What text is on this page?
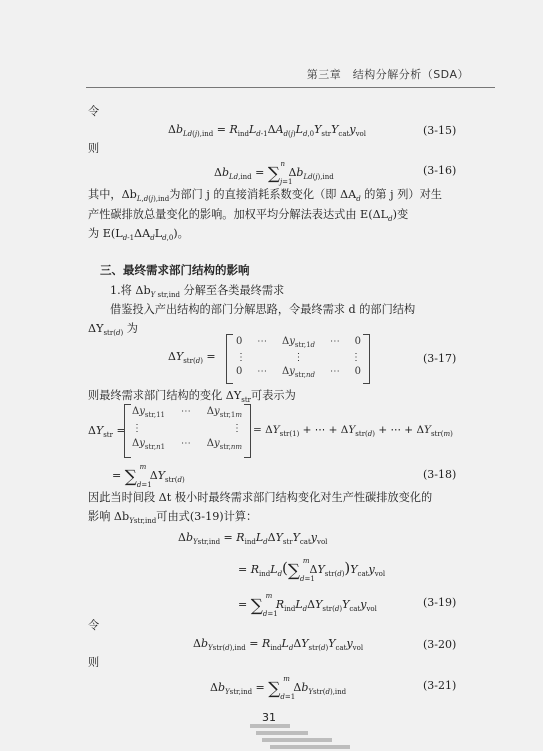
第三章　结构分解分析（SDA）
令
$\Delta b_{Ld(j),ind} = R_{ind}L_{d-1}\Delta A_{d(j)}L_{d,0}Y_{str}Y_{cat}y_{vol}$	(3-15)
则
$\Delta b_{Ld,ind} = \sum_{j=1}^n$ $\Delta b_{Ld(j),ind}$
(3-16)
其中，$\Delta b_{L,d(j),ind}$为部门 j 的直接消耗系数变化（即 $\Delta A_d$ 的第 j 列）对生
产性碳排放总量变化的影响。加权平均分解法表达式由 $E(\Delta L_d)$变
为 $E(L_{d-1}\Delta A_dL_{d,0})$。
三、最终需求部门结构的影响
1.将 $\Delta b_{Y str,ind}$ 分解至各类最终需求
借鉴投入产出结构的部门分解思路，令最终需求 d 的部门结构
$\Delta Y_{str(d)}$ 为
$\Delta Y_{str(d)}$ =
0 ⋯ $\Delta y_{str,1d}$ ⋯ 0
⋮	⋮	⋮
0 ⋯ $\Delta y_{str,nd}$ ⋯ 0
(3-17)
则最终需求部门结构的变化 $\Delta Y_{str}$可表示为
$\Delta Y_{str}$ =
$\Delta y_{str,11}$ ⋯ $\Delta y_{str,1m}$
⋮	⋮
$\Delta y_{str,n1}$ ⋯ $\Delta y_{str,nm}$
= $\Delta Y_{str(1)}$ + ⋯ + $\Delta Y_{str(d)}$ + ⋯ + $\Delta Y_{str(m)}$
= $\sum_{d=1}^m$ $\Delta Y_{str(d)}$	(3-18)
因此当时间段 Δt 极小时最终需求部门结构变化对生产性碳排放变化的
影响 $\Delta b_{Ystr,ind}$可由式(3-19)计算：
$\Delta b_{Ystr,ind} = R_{ind}L_d\Delta Y_{str}Y_{cat}y_{vol}$
= $R_{ind}L_d(\sum_{d=1}^m\Delta Y_{str(d)})Y_{cat}y_{vol}$
= $\sum_{d=1}^m$ $R_{ind}L_d\Delta Y_{str(d)}Y_{cat}y_{vol}$
(3-19)
令
$\Delta b_{Ystr(d),ind} = R_{ind}L_d\Delta Y_{str(d)}Y_{cat}y_{vol}$	(3-20)
则
$\Delta b_{Ystr,ind} = \sum_{d=1}^m$ $\Delta b_{Ystr(d),ind}$
(3-21)
31
